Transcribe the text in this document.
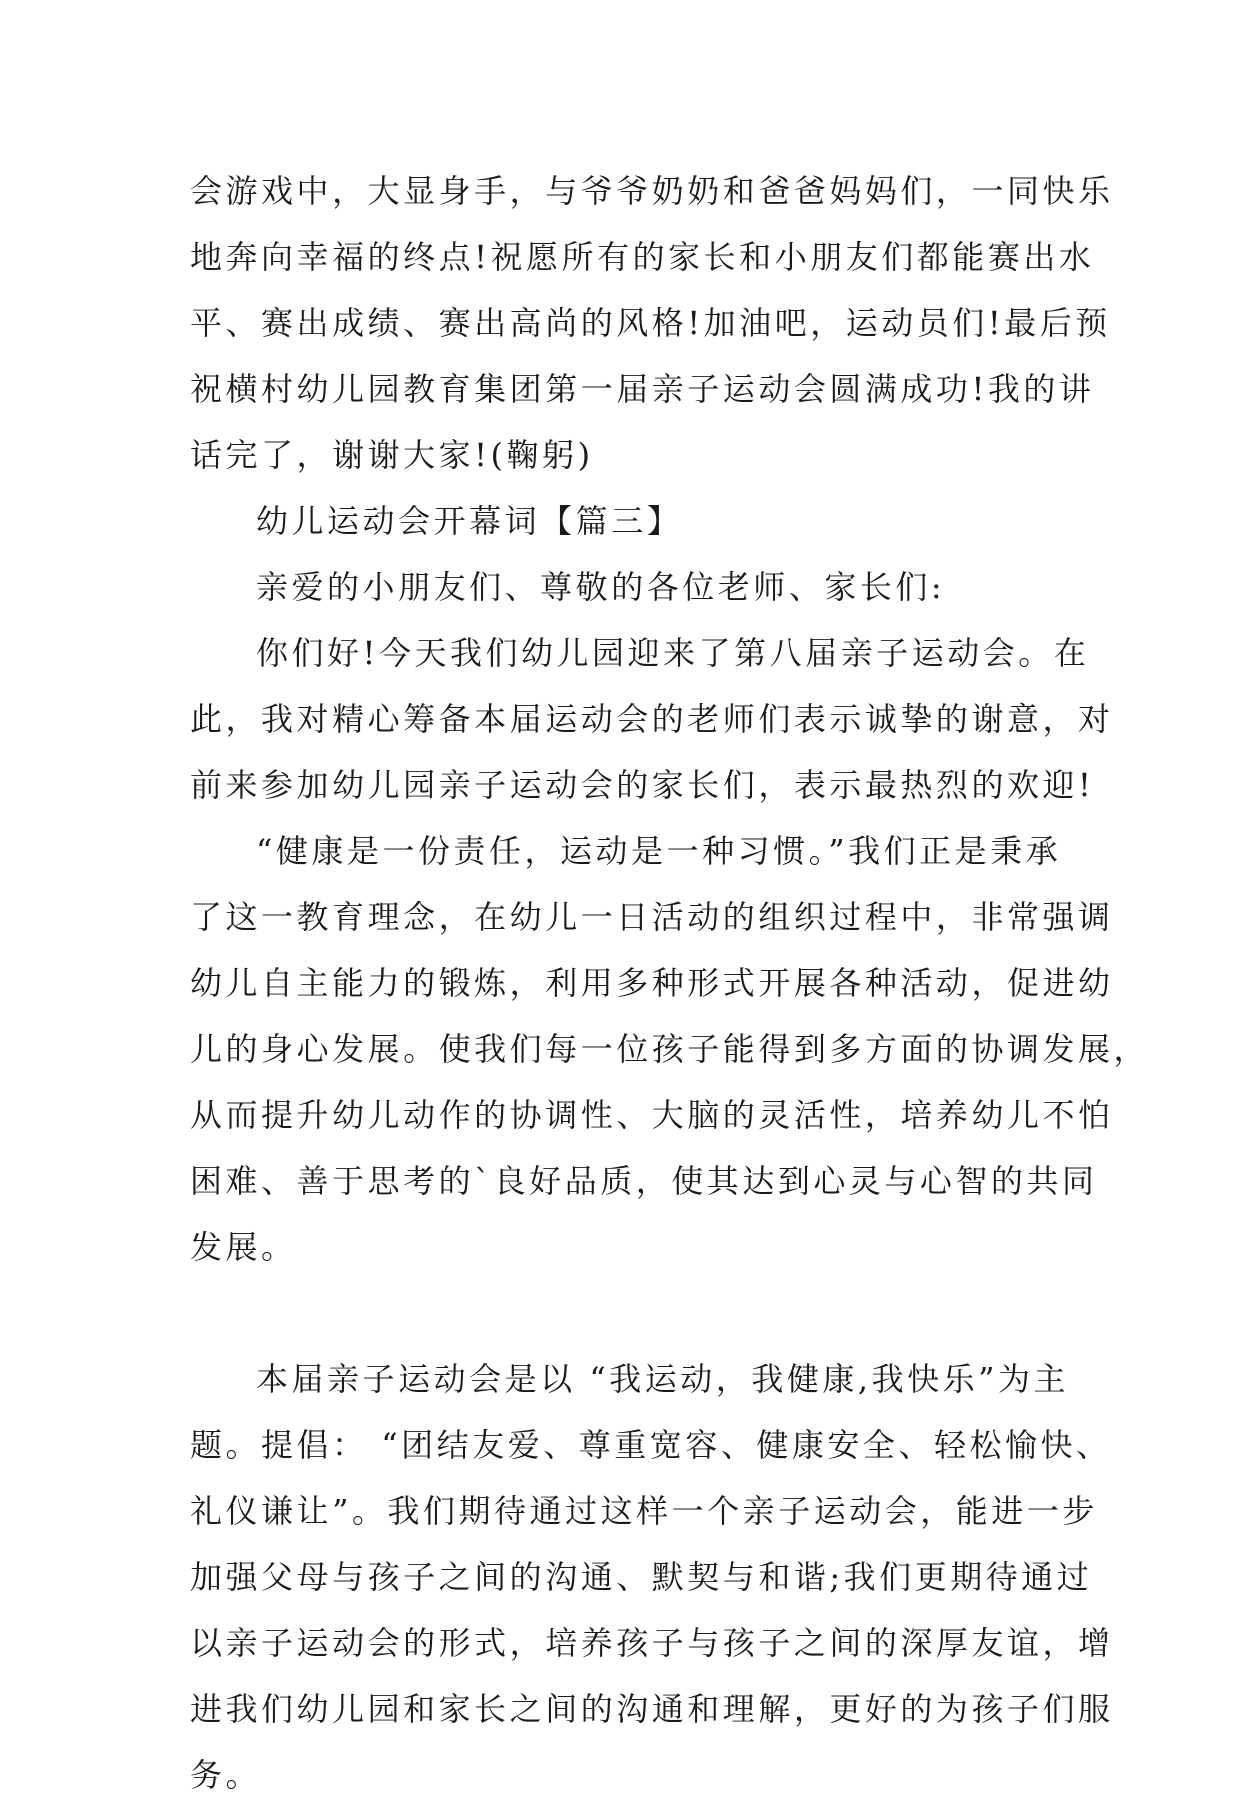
会游戏中，大显身手，与爷爷奶奶和爸爸妈妈们，一同快乐
地奔向幸福的终点!祝愿所有的家长和小朋友们都能赛出水
平、赛出成绩、赛出高尚的风格!加油吧，运动员们!最后预
祝横村幼儿园教育集团第一届亲子运动会圆满成功!我的讲
话完了，谢谢大家!(鞠躬)
幼儿运动会开幕词【篇三】
亲爱的小朋友们、尊敬的各位老师、家长们:
你们好!今天我们幼儿园迎来了第八届亲子运动会。在
此，我对精心筹备本届运动会的老师们表示诚挚的谢意，对
前来参加幼儿园亲子运动会的家长们，表示最热烈的欢迎!
“健康是一份责任，运动是一种习惯。”我们正是秉承
了这一教育理念，在幼儿一日活动的组织过程中，非常强调
幼儿自主能力的锻炼，利用多种形式开展各种活动，促进幼
儿的身心发展。使我们每一位孩子能得到多方面的协调发展，
从而提升幼儿动作的协调性、大脑的灵活性，培养幼儿不怕
困难、善于思考的`良好品质，使其达到心灵与心智的共同
发展。
本届亲子运动会是以 “我运动，我健康,我快乐”为主
题。提倡： “团结友爱、尊重宽容、健康安全、轻松愉快、
礼仪谦让”。我们期待通过这样一个亲子运动会，能进一步
加强父母与孩子之间的沟通、默契与和谐;我们更期待通过
以亲子运动会的形式，培养孩子与孩子之间的深厚友谊，增
进我们幼儿园和家长之间的沟通和理解，更好的为孩子们服
务。
